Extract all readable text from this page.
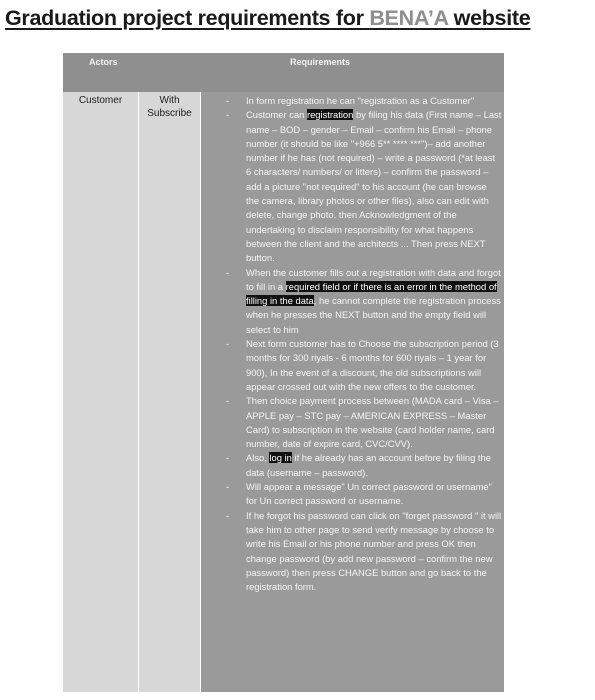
Graduation project requirements for BENA’A website
Actors	Requirements
Customer	With Subscribe
- In form registration he can "registration as a Customer"
- Customer can registration by filing his data (First name – Last name – BOD – gender – Email – confirm his Email – phone number (it should be like "+966 5** **** ***")– add another number if he has (not required) – write a password (*at least 6 characters/ numbers/ or litters) – confirm the password – add a picture "not required" to his account (he can browse the camera, library photos or other files), also can edit with delete, change photo. then Acknowledgment of the undertaking to disclaim responsibility for what happens between the client and the architects ... Then press NEXT button.
- When the customer fills out a registration with data and forgot to fill in a required field or if there is an error in the method of filling in the data, he cannot complete the registration process when he presses the NEXT button and the empty field will select to him
- Next form customer has to Choose the subscription period (3 months for 300 riyals - 6 months for 600 riyals – 1 year for 900), In the event of a discount, the old subscriptions will appear crossed out with the new offers to the customer.
- Then choice payment process between (MADA card – Visa – APPLE pay – STC pay – AMERICAN EXPRESS – Master Card) to subscription in the website (card holder name, card number, date of expire card, CVC/CVV).
- Also, log in if he already has an account before by filing the data (username – password).
- Will appear a message" Un correct password or username" for Un correct password or username.
- If he forgot his password can click on "forget password " it will take him to other page to send verify message by choose to write his Email or his phone number and press OK then change password (by add new password – confirm the new password) then press CHANGE button and go back to the registration form.
